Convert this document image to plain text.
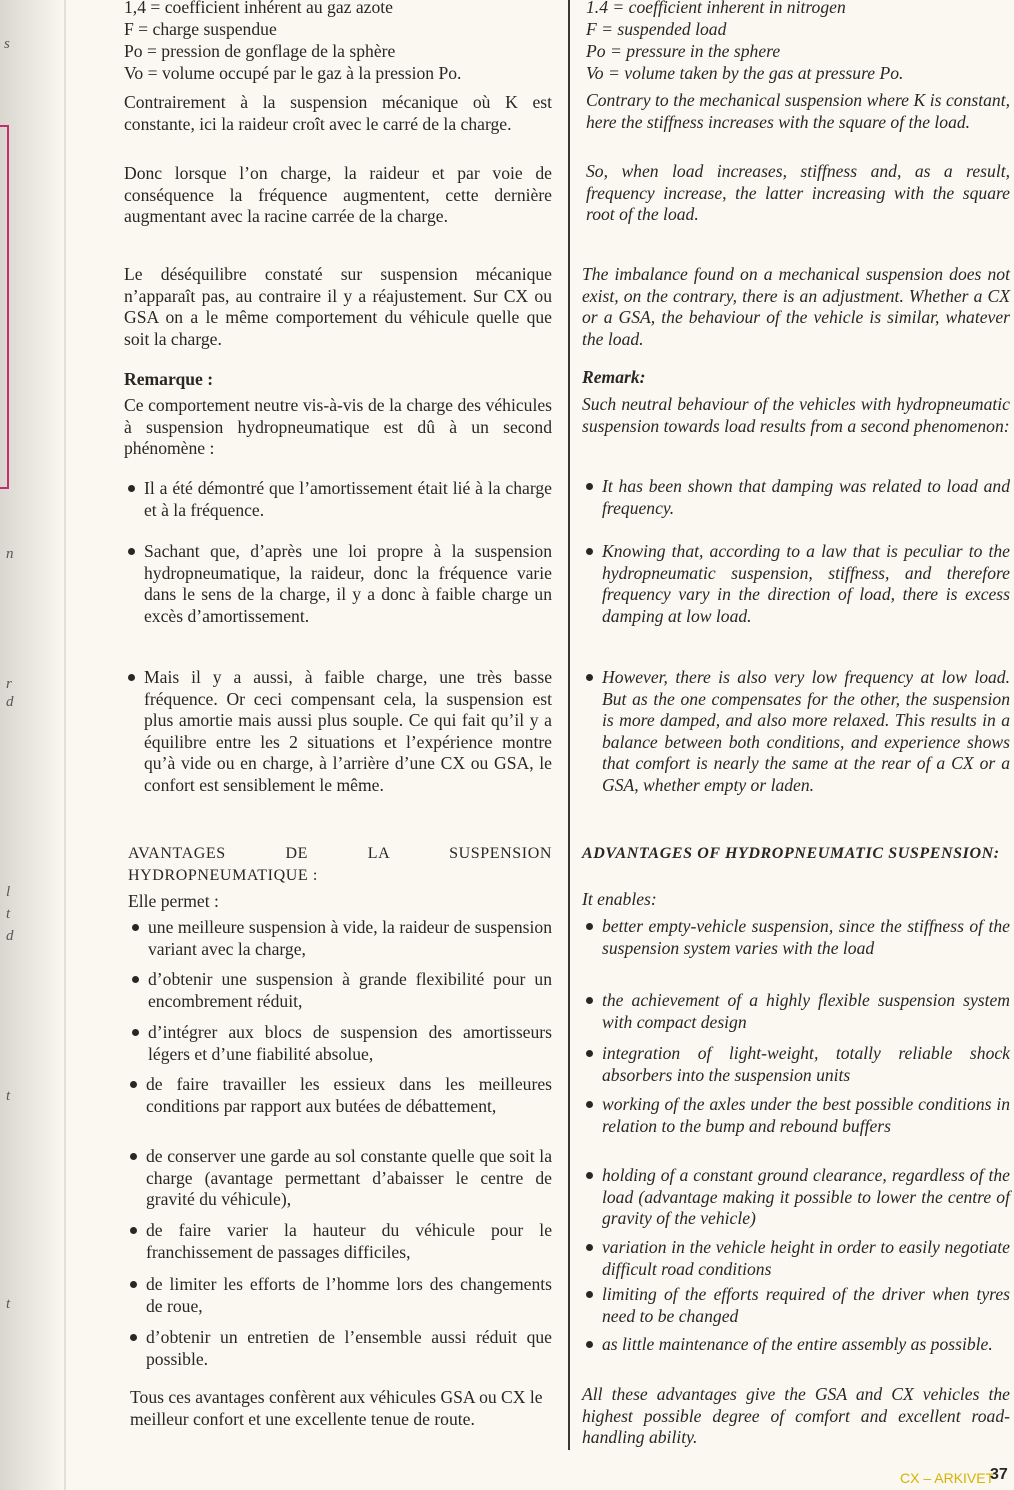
s
n
r
d
l
t
d
t
t
1,4 = coefficient inhérent au gaz azote
F = charge suspendue
Po = pression de gonflage de la sphère
Vo = volume occupé par le gaz à la pression Po.

Contrairement à la suspension mécanique où K est constante, ici la raideur croît avec le carré de la charge.

Donc lorsque l’on charge, la raideur et par voie de conséquence la fréquence augmentent, cette dernière augmentant avec la racine carrée de la charge.

Le déséquilibre constaté sur suspension mécanique n’apparaît pas, au contraire il y a réajustement. Sur CX ou GSA on a le même comportement du véhicule quelle que soit la charge.

Remarque :

Ce comportement neutre vis-à-vis de la charge des véhicules à suspension hydropneumatique est dû à un second phénomène :

Il a été démontré que l’amortissement était lié à la charge et à la fréquence.
Sachant que, d’après une loi propre à la suspension hydropneumatique, la raideur, donc la fréquence varie dans le sens de la charge, il y a donc à faible charge un excès d’amortissement.
Mais il y a aussi, à faible charge, une très basse fréquence. Or ceci compensant cela, la suspension est plus amortie mais aussi plus souple. Ce qui fait qu’il y a équilibre entre les 2 situations et l’expérience montre qu’à vide ou en charge, à l’arrière d’une CX ou GSA, le confort est sensiblement le même.
AVANTAGES DE LA SUSPENSION HYDROPNEUMATIQUE :
Elle permet :
une meilleure suspension à vide, la raideur de suspension variant avec la charge,
d’obtenir une suspension à grande flexibilité pour un encombrement réduit,
d’intégrer aux blocs de suspension des amortisseurs légers et d’une fiabilité absolue,
de faire travailler les essieux dans les meilleures conditions par rapport aux butées de débattement,
de conserver une garde au sol constante quelle que soit la charge (avantage permettant d’abaisser le centre de gravité du véhicule),
de faire varier la hauteur du véhicule pour le franchissement de passages difficiles,
de limiter les efforts de l’homme lors des changements de roue,
d’obtenir un entretien de l’ensemble aussi réduit que possible.

Tous ces avantages confèrent aux véhicules GSA ou CX le meilleur confort et une excellente tenue de route.

1.4 = coefficient inherent in nitrogen
F = suspended load
Po = pressure in the sphere
Vo = volume taken by the gas at pressure Po.

Contrary to the mechanical suspension where K is constant, here the stiffness increases with the square of the load.

So, when load increases, stiffness and, as a result, frequency increase, the latter increasing with the square root of the load.

The imbalance found on a mechanical suspension does not exist, on the contrary, there is an adjustment. Whether a CX or a GSA, the behaviour of the vehicle is similar, whatever the load.

Remark:

Such neutral behaviour of the vehicles with hydropneumatic suspension towards load results from a second phenomenon:

It has been shown that damping was related to load and frequency.
Knowing that, according to a law that is peculiar to the hydropneumatic suspension, stiffness, and therefore frequency vary in the direction of load, there is excess damping at low load.
However, there is also very low frequency at low load. But as the one compensates for the other, the suspension is more damped, and also more relaxed. This results in a balance between both conditions, and experience shows that comfort is nearly the same at the rear of a CX or a GSA, whether empty or laden.
ADVANTAGES OF HYDROPNEUMATIC SUSPENSION:
It enables:
better empty-vehicle suspension, since the stiffness of the suspension system varies with the load
the achievement of a highly flexible suspension system with compact design
integration of light-weight, totally reliable shock absorbers into the suspension units
working of the axles under the best possible conditions in relation to the bump and rebound buffers
holding of a constant ground clearance, regardless of the load (advantage making it possible to lower the centre of gravity of the vehicle)
variation in the vehicle height in order to easily negotiate difficult road conditions
limiting of the efforts required of the driver when tyres need to be changed
as little maintenance of the entire assembly as possible.

All these advantages give the GSA and CX vehicles the highest possible degree of comfort and excellent road-handling ability.

CX – ARKIVET
37
